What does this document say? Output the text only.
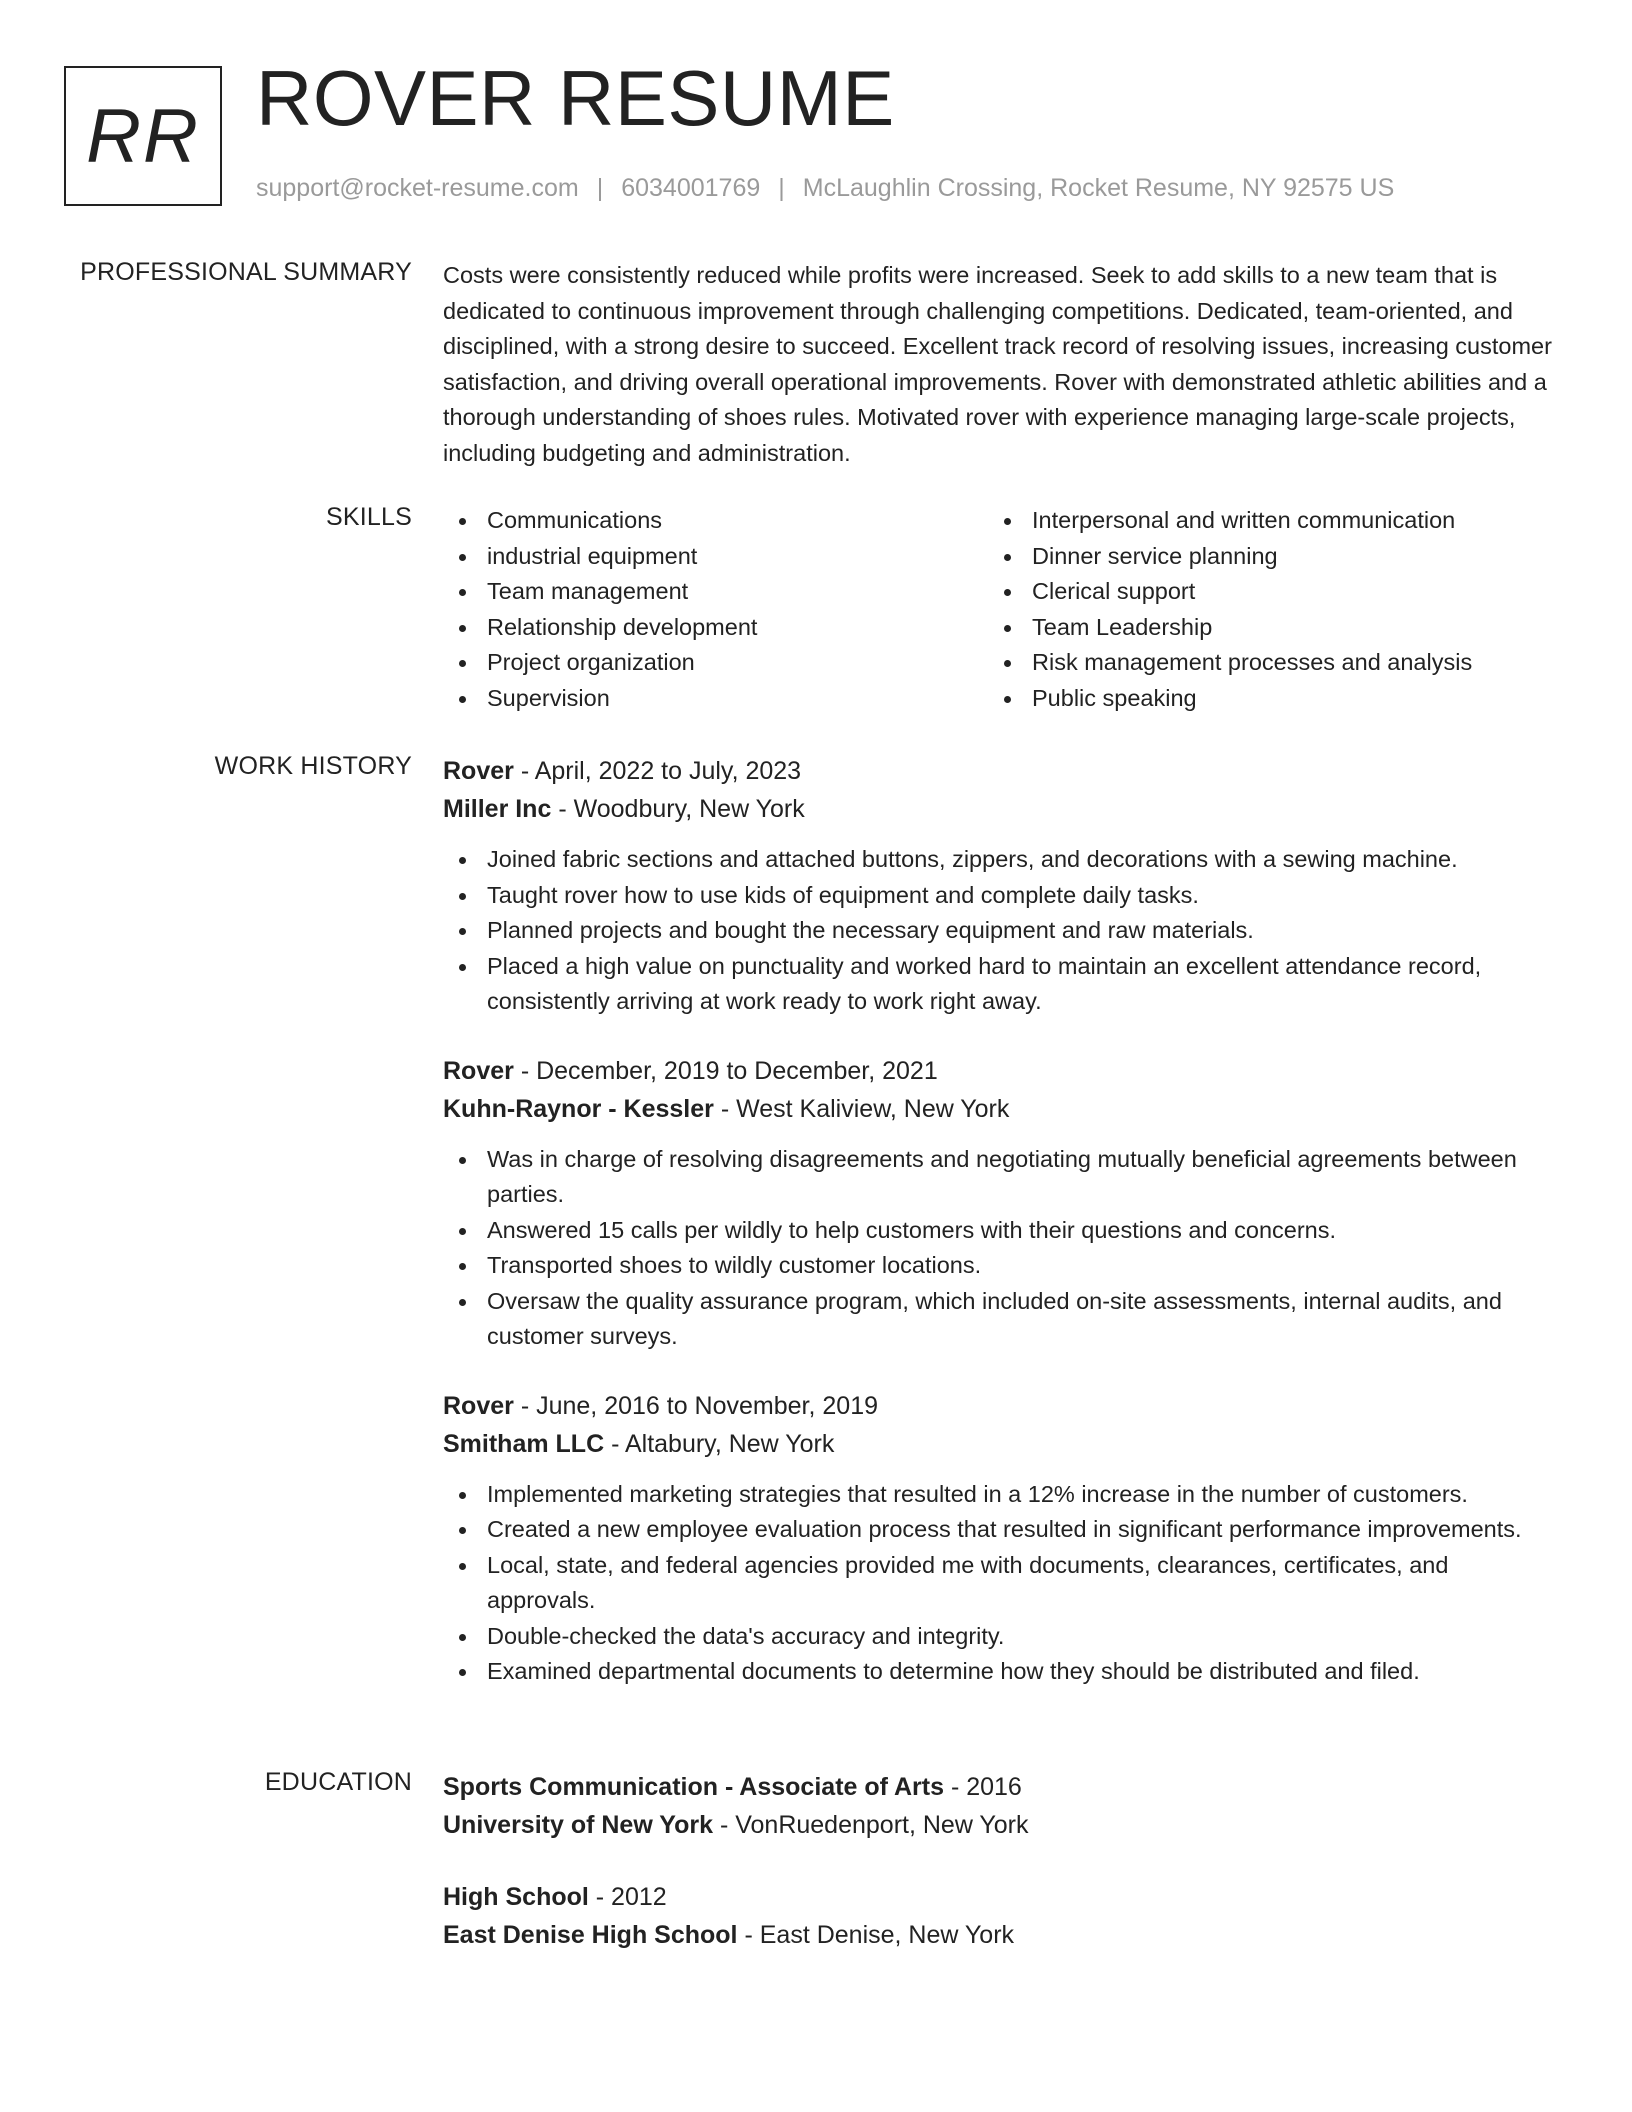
RR ROVER RESUME
support@rocket-resume.com | 6034001769 | McLaughlin Crossing, Rocket Resume, NY 92575 US
PROFESSIONAL SUMMARY Costs were consistently reduced while profits were increased. Seek to add skills to a new team that is dedicated to continuous improvement through challenging competitions. Dedicated, team-oriented, and disciplined, with a strong desire to succeed. Excellent track record of resolving issues, increasing customer satisfaction, and driving overall operational improvements. Rover with demonstrated athletic abilities and a thorough understanding of shoes rules. Motivated rover with experience managing large-scale projects, including budgeting and administration.

SKILLS	Communications
industrial equipment
Team management
Relationship development
Project organization
Supervision
Interpersonal and written communication
Dinner service planning
Clerical support
Team Leadership
Risk management processes and analysis
Public speaking
WORK HISTORY Rover - April, 2022 to July, 2023
Miller Inc - Woodbury, New York
Joined fabric sections and attached buttons, zippers, and decorations with a sewing machine.
Taught rover how to use kids of equipment and complete daily tasks.
Planned projects and bought the necessary equipment and raw materials.
Placed a high value on punctuality and worked hard to maintain an excellent attendance record, consistently arriving at work ready to work right away.
Rover - December, 2019 to December, 2021
Kuhn-Raynor - Kessler - West Kaliview, New York
Was in charge of resolving disagreements and negotiating mutually beneficial agreements between parties.
Answered 15 calls per wildly to help customers with their questions and concerns.
Transported shoes to wildly customer locations.
Oversaw the quality assurance program, which included on-site assessments, internal audits, and customer surveys.
Rover - June, 2016 to November, 2019
Smitham LLC - Altabury, New York
Implemented marketing strategies that resulted in a 12% increase in the number of customers.
Created a new employee evaluation process that resulted in significant performance improvements.
Local, state, and federal agencies provided me with documents, clearances, certificates, and approvals.
Double-checked the data's accuracy and integrity.
Examined departmental documents to determine how they should be distributed and filed.
EDUCATION Sports Communication - Associate of Arts - 2016
University of New York - VonRuedenport, New York
High School - 2012
East Denise High School - East Denise, New York
